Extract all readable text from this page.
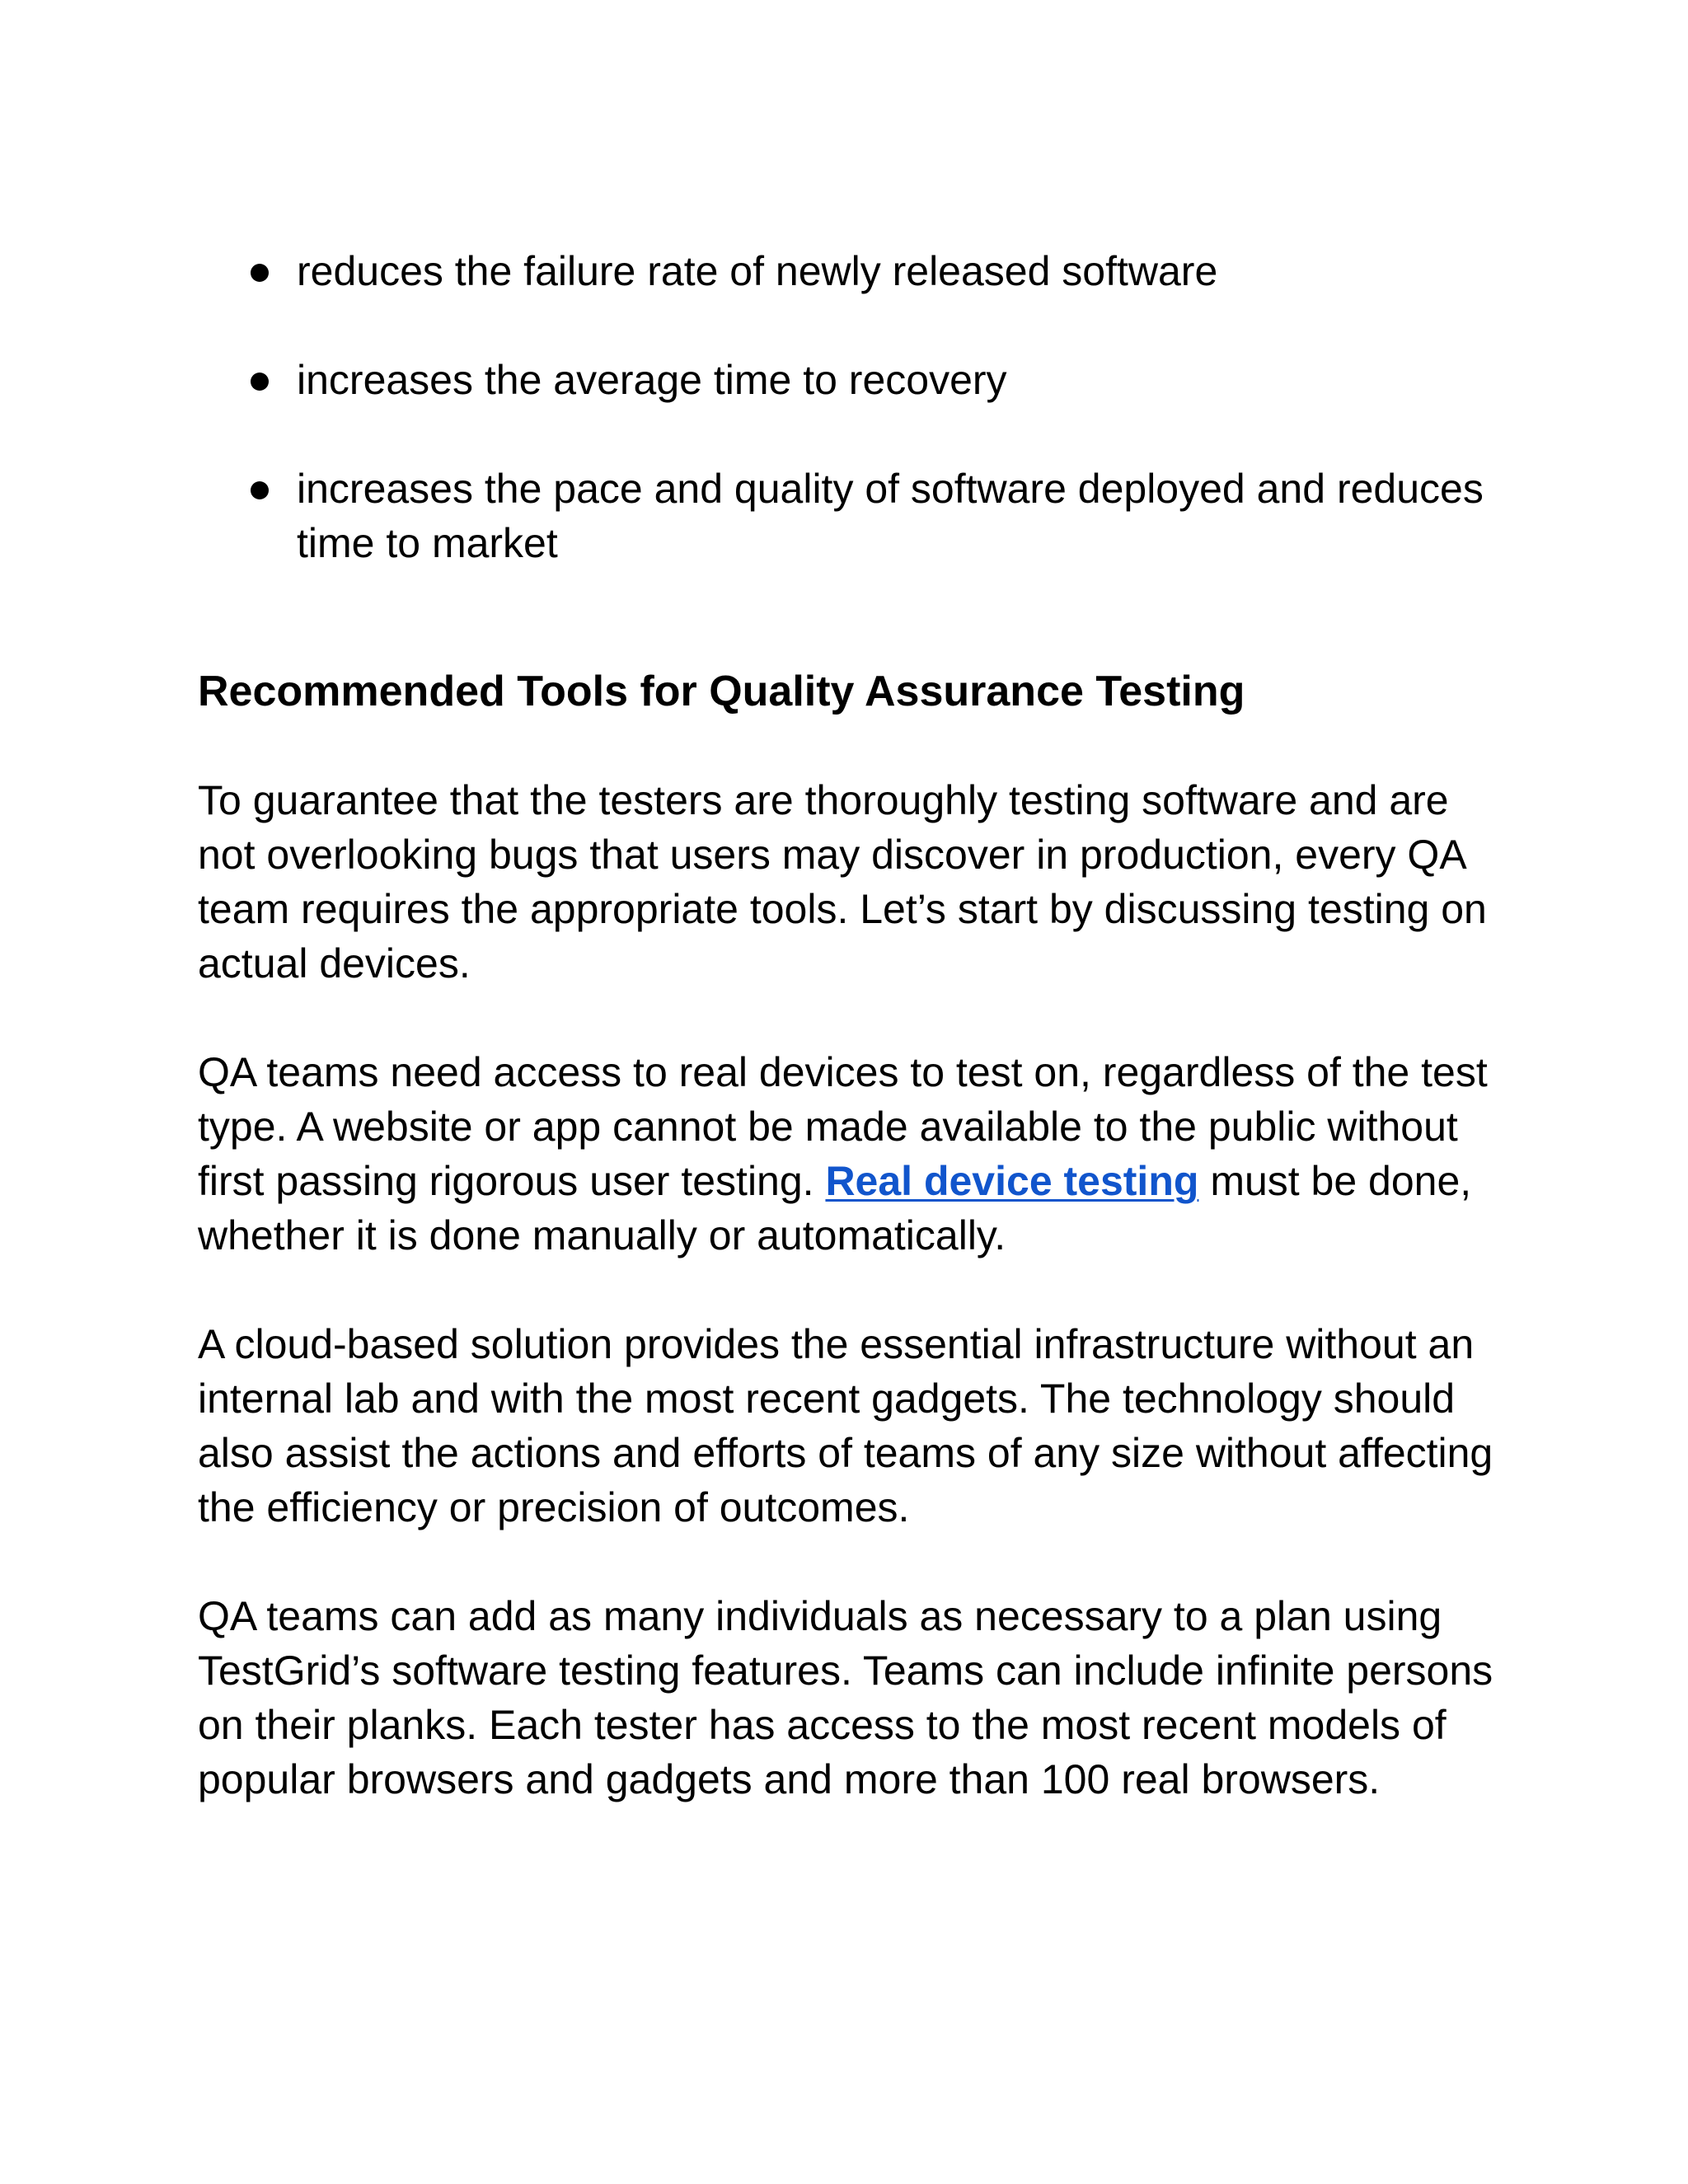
reduces the failure rate of newly released software
increases the average time to recovery
increases the pace and quality of software deployed and reduces time to market
Recommended Tools for Quality Assurance Testing

To guarantee that the testers are thoroughly testing software and are not overlooking bugs that users may discover in production, every QA team requires the appropriate tools. Let’s start by discussing testing on actual devices.

QA teams need access to real devices to test on, regardless of the test type. A website or app cannot be made available to the public without first passing rigorous user testing. Real device testing must be done, whether it is done manually or automatically.

A cloud-based solution provides the essential infrastructure without an internal lab and with the most recent gadgets. The technology should also assist the actions and efforts of teams of any size without affecting the efficiency or precision of outcomes.

QA teams can add as many individuals as necessary to a plan using TestGrid’s software testing features. Teams can include infinite persons on their planks. Each tester has access to the most recent models of popular browsers and gadgets and more than 100 real browsers.
